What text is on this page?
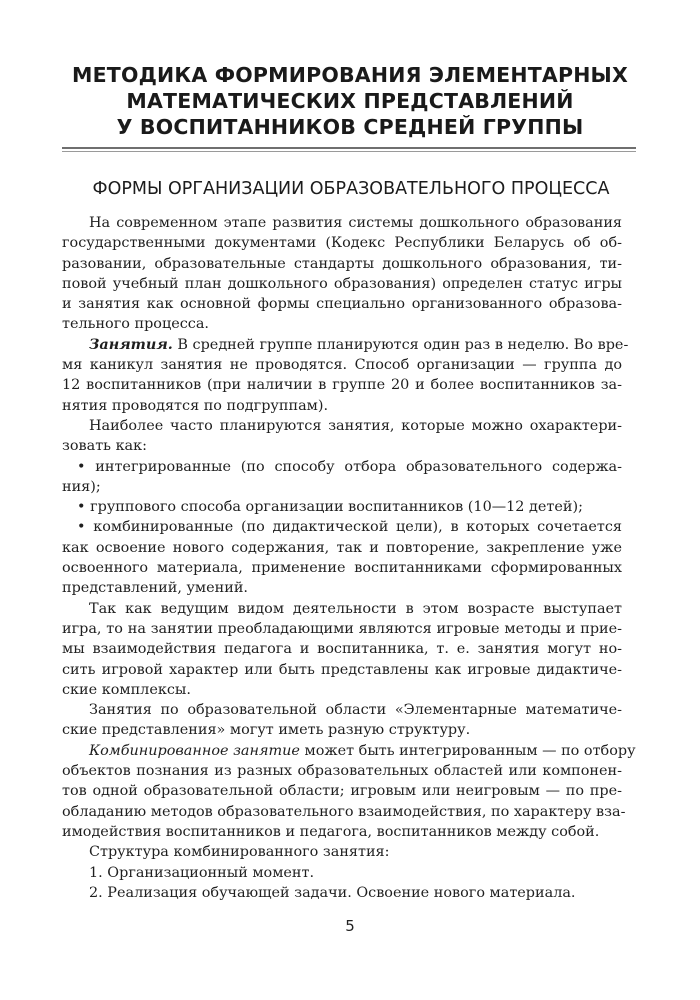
МЕТОДИКА ФОРМИРОВАНИЯ ЭЛЕМЕНТАРНЫХ
МАТЕМАТИЧЕСКИХ ПРЕДСТАВЛЕНИЙ
У ВОСПИТАННИКОВ СРЕДНЕЙ ГРУППЫ
ФОРМЫ ОРГАНИЗАЦИИ ОБРАЗОВАТЕЛЬНОГО ПРОЦЕССА
На современном этапе развития системы дошкольного образования
государственными документами (Кодекс Республики Беларусь об об-
разовании, образовательные стандарты дошкольного образования, ти-
повой учебный план дошкольного образования) определен статус игры
и занятия как основной формы специально организованного образова-
тельного процесса.
Занятия. В средней группе планируются один раз в неделю. Во вре-
мя каникул занятия не проводятся. Способ организации — группа до
12 воспитанников (при наличии в группе 20 и более воспитанников за-
нятия проводятся по подгруппам).
Наиболее часто планируются занятия, которые можно охарактери-
зовать как:
• интегрированные (по способу отбора образовательного содержа-
ния);
• группового способа организации воспитанников (10—12 детей);
• комбинированные (по дидактической цели), в которых сочетается
как освоение нового содержания, так и повторение, закрепление уже
освоенного материала, применение воспитанниками сформированных
представлений, умений.
Так как ведущим видом деятельности в этом возрасте выступает
игра, то на занятии преобладающими являются игровые методы и прие-
мы взаимодействия педагога и воспитанника, т. е. занятия могут но-
сить игровой характер или быть представлены как игровые дидактиче-
ские комплексы.
Занятия по образовательной области «Элементарные математиче-
ские представления» могут иметь разную структуру.
Комбинированное занятие может быть интегрированным — по отбору
объектов познания из разных образовательных областей или компонен-
тов одной образовательной области; игровым или неигровым — по пре-
обладанию методов образовательного взаимодействия, по характеру вза-
имодействия воспитанников и педагога, воспитанников между собой.
Структура комбинированного занятия:
1. Организационный момент.
2. Реализация обучающей задачи. Освоение нового материала.
5
